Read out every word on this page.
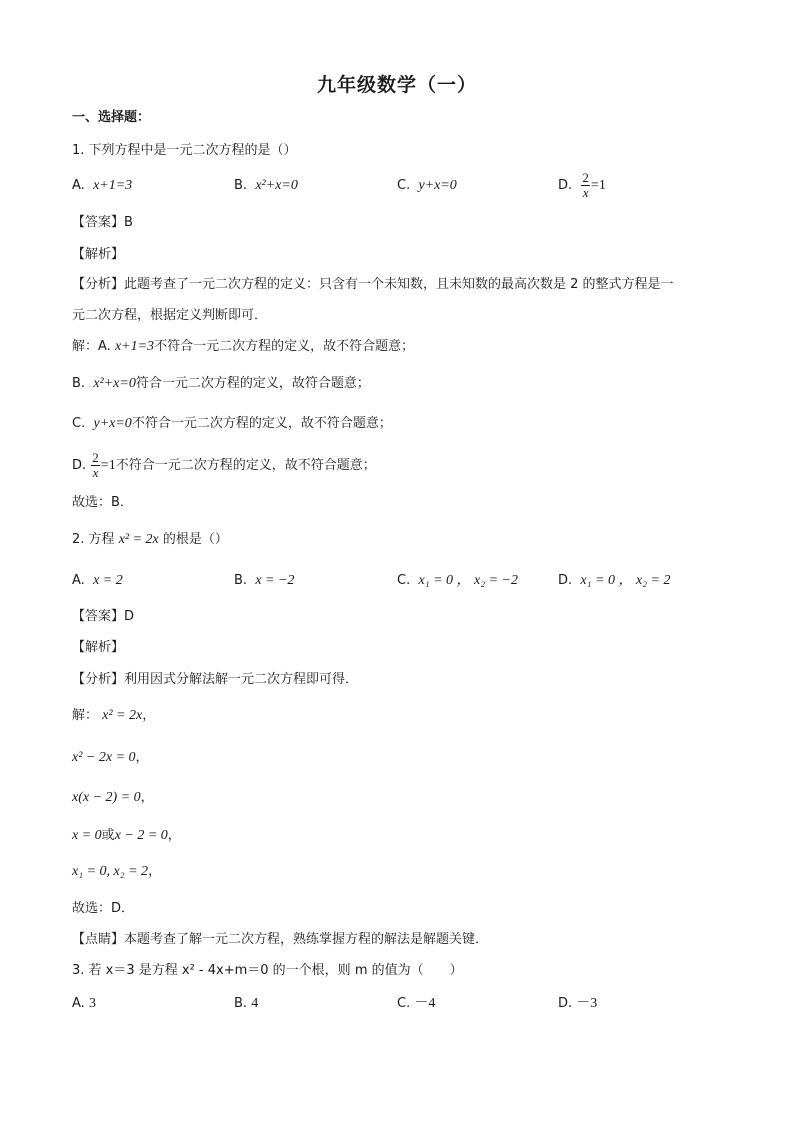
九年级数学（一）
一、选择题：
1. 下列方程中是一元二次方程的是（）
A. x+1=3	B. x²+x=0	C. y+x=0	D. $\frac{2}{x} =1$
【答案】B
【解析】
【分析】此题考查了一元二次方程的定义：只含有一个未知数，且未知数的最高次数是 2 的整式方程是一
元二次方程，根据定义判断即可．
解：A. x+1=3不符合一元二次方程的定义，故不符合题意；
B. x²+x=0符合一元二次方程的定义，故符合题意；
C. y+x=0不符合一元二次方程的定义，故不符合题意；
D. $\frac{2}{x} =1$不符合一元二次方程的定义，故不符合题意；
故选：B．
2. 方程 x² = 2x 的根是（）
A. x = 2	B. x = −2	C. x₁ = 0 ， x₂ = −2	D. x₁ = 0 ， x₂ = 2
【答案】D
【解析】
【分析】利用因式分解法解一元二次方程即可得．
解： x² = 2x，
x² − 2x = 0，
x(x − 2) = 0，
x = 0或x − 2 = 0，
x₁ = 0, x₂ = 2，
故选：D．
【点睛】本题考查了解一元二次方程，熟练掌握方程的解法是解题关键．
3. 若 x＝3 是方程 x² - 4x+m＝0 的一个根，则 m 的值为（　　）
A. 3	B. 4	C. －4	D. －3
